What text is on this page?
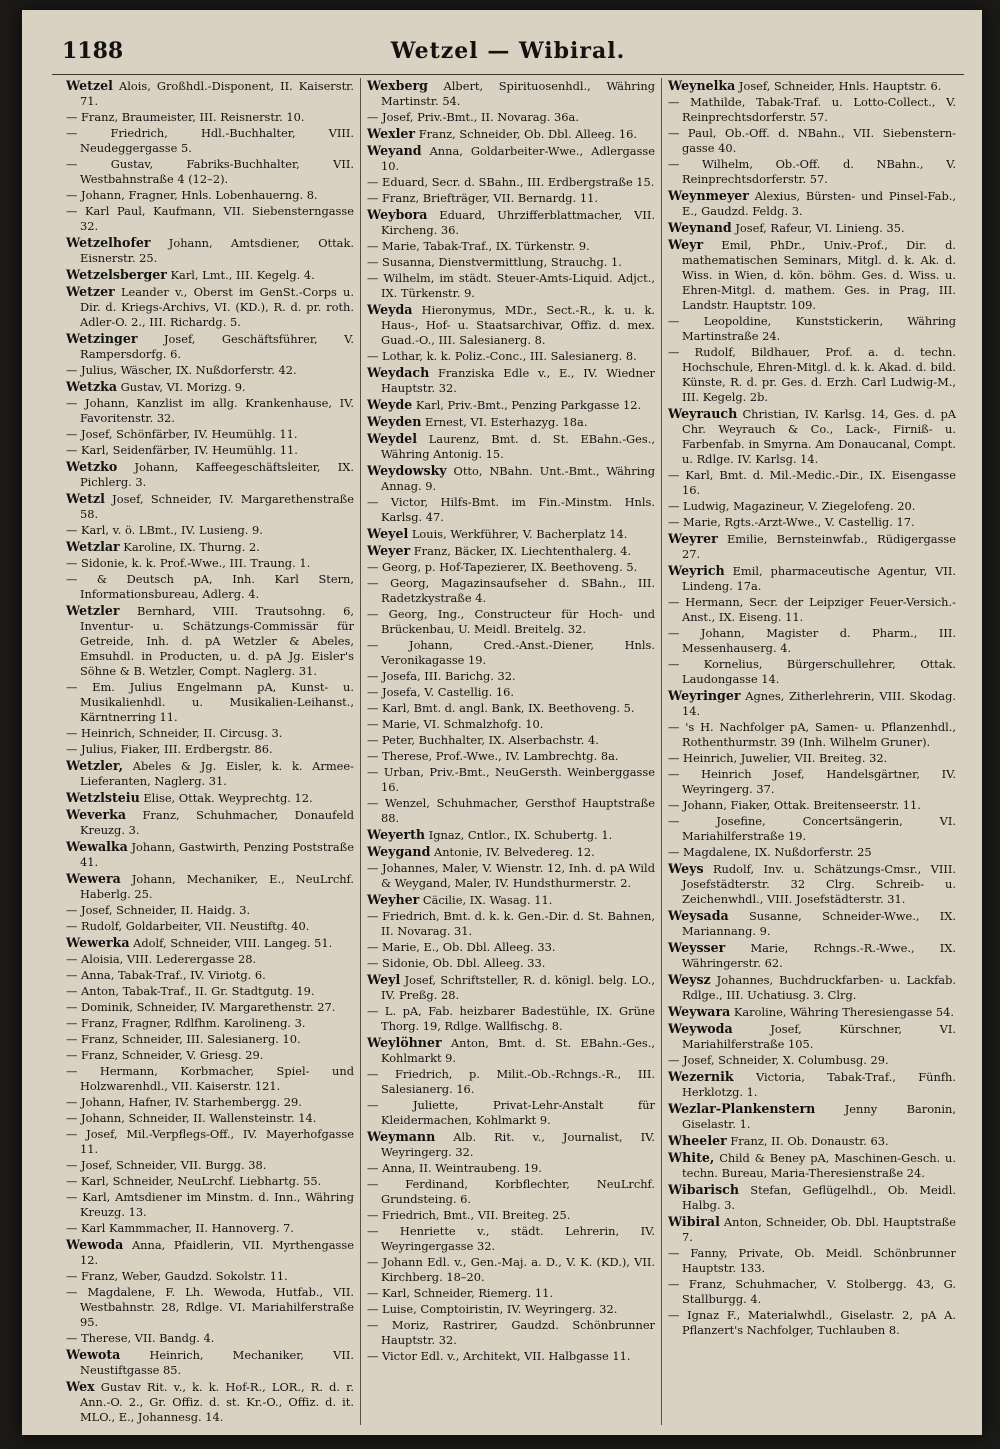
1188	Wetzel — Wibiral.

Wetzel Alois, Großhdl.-Disponent, II. Kaiserstr. 71.

— Franz, Braumeister, III. Reisnerstr. 10.

— Friedrich, Hdl.-Buchhalter, VIII. Neudeggergasse 5.

— Gustav, Fabriks-Buchhalter, VII. Westbahnstraße 4 (12–2).

— Johann, Fragner, Hnls. Lobenhauerng. 8.

— Karl Paul, Kaufmann, VII. Siebensterngasse 32.

Wetzelhofer Johann, Amtsdiener, Ottak. Eisnerstr. 25.

Wetzelsberger Karl, Lmt., III. Kegelg. 4.

Wetzer Leander v., Oberst im GenSt.-Corps u. Dir. d. Kriegs-Archivs, VI. (KD.), R. d. pr. roth. Adler-O. 2., III. Richardg. 5.

Wetzinger Josef, Geschäftsführer, V. Rampersdorfg. 6.

— Julius, Wäscher, IX. Nußdorferstr. 42.

Wetzka Gustav, VI. Morizg. 9.

— Johann, Kanzlist im allg. Krankenhause, IV. Favoritenstr. 32.

— Josef, Schönfärber, IV. Heumühlg. 11.

— Karl, Seidenfärber, IV. Heumühlg. 11.

Wetzko Johann, Kaffeegeschäftsleiter, IX. Pichlerg. 3.

Wetzl Josef, Schneider, IV. Margarethenstraße 58.

— Karl, v. ö. LBmt., IV. Lusieng. 9.

Wetzlar Karoline, IX. Thurng. 2.

— Sidonie, k. k. Prof.-Wwe., III. Traung. 1.

— & Deutsch pA, Inh. Karl Stern, Informationsbureau, Adlerg. 4.

Wetzler Bernhard, VIII. Trautsohng. 6, Inventur- u. Schätzungs-Commissär für Getreide, Inh. d. pA Wetzler & Abeles, Emsuhdl. in Producten, u. d. pA Jg. Eisler's Söhne & B. Wetzler, Compt. Naglerg. 31.

— Em. Julius Engelmann pA, Kunst- u. Musikalienhdl. u. Musikalien-Leihanst., Kärntnerring 11.

— Heinrich, Schneider, II. Circusg. 3.

— Julius, Fiaker, III. Erdbergstr. 86.

Wetzler, Abeles & Jg. Eisler, k. k. Armee-Lieferanten, Naglerg. 31.

Wetzlsteiu Elise, Ottak. Weyprechtg. 12.

Weverka Franz, Schuhmacher, Donaufeld Kreuzg. 3.

Wewalka Johann, Gastwirth, Penzing Poststraße 41.

Wewera Johann, Mechaniker, E., NeuLrchf. Haberlg. 25.

— Josef, Schneider, II. Haidg. 3.

— Rudolf, Goldarbeiter, VII. Neustiftg. 40.

Wewerka Adolf, Schneider, VIII. Langeg. 51.

— Aloisia, VIII. Lederergasse 28.

— Anna, Tabak-Traf., IV. Viriotg. 6.

— Anton, Tabak-Traf., II. Gr. Stadtgutg. 19.

— Dominik, Schneider, IV. Margarethenstr. 27.

— Franz, Fragner, Rdlfhm. Karolineng. 3.

— Franz, Schneider, III. Salesianerg. 10.

— Franz, Schneider, V. Griesg. 29.

— Hermann, Korbmacher, Spiel- und Holzwarenhdl., VII. Kaiserstr. 121.

— Johann, Hafner, IV. Starhembergg. 29.

— Johann, Schneider, II. Wallensteinstr. 14.

— Josef, Mil.-Verpflegs-Off., IV. Mayerhofgasse 11.

— Josef, Schneider, VII. Burgg. 38.

— Karl, Schneider, NeuLrchf. Liebhartg. 55.

— Karl, Amtsdiener im Minstm. d. Inn., Währing Kreuzg. 13.

— Karl Kammmacher, II. Hannoverg. 7.

Wewoda Anna, Pfaidlerin, VII. Myrthengasse 12.

— Franz, Weber, Gaudzd. Sokolstr. 11.

— Magdalene, F. Lh. Wewoda, Hutfab., VII. Westbahnstr. 28, Rdlge. VI. Mariahilferstraße 95.

— Therese, VII. Bandg. 4.

Wewota Heinrich, Mechaniker, VII. Neustiftgasse 85.

Wex Gustav Rit. v., k. k. Hof-R., LOR., R. d. r. Ann.-O. 2., Gr. Offiz. d. st. Kr.-O., Offiz. d. it. MLO., E., Johannesg. 14.

Wexberg Albert, Spirituosenhdl., Währing Martinstr. 54.

— Josef, Priv.-Bmt., II. Novarag. 36a.

Wexler Franz, Schneider, Ob. Dbl. Alleeg. 16.

Weyand Anna, Goldarbeiter-Wwe., Adlergasse 10.

— Eduard, Secr. d. SBahn., III. Erdbergstraße 15.

— Franz, Briefträger, VII. Bernardg. 11.

Weybora Eduard, Uhrzifferblattmacher, VII. Kircheng. 36.

— Marie, Tabak-Traf., IX. Türkenstr. 9.

— Susanna, Dienstvermittlung, Strauchg. 1.

— Wilhelm, im städt. Steuer-Amts-Liquid. Adjct., IX. Türkenstr. 9.

Weyda Hieronymus, MDr., Sect.-R., k. u. k. Haus-, Hof- u. Staatsarchivar, Offiz. d. mex. Guad.-O., III. Salesianerg. 8.

— Lothar, k. k. Poliz.-Conc., III. Salesianerg. 8.

Weydach Franziska Edle v., E., IV. Wiedner Hauptstr. 32.

Weyde Karl, Priv.-Bmt., Penzing Parkgasse 12.

Weyden Ernest, VI. Esterhazyg. 18a.

Weydel Laurenz, Bmt. d. St. EBahn.-Ges., Währing Antonig. 15.

Weydowsky Otto, NBahn. Unt.-Bmt., Währing Annag. 9.

— Victor, Hilfs-Bmt. im Fin.-Minstm. Hnls. Karlsg. 47.

Weyel Louis, Werkführer, V. Bacherplatz 14.

Weyer Franz, Bäcker, IX. Liechtenthalerg. 4.

— Georg, p. Hof-Tapezierer, IX. Beethoveng. 5.

— Georg, Magazinsaufseher d. SBahn., III. Radetzkystraße 4.

— Georg, Ing., Constructeur für Hoch- und Brückenbau, U. Meidl. Breitelg. 32.

— Johann, Cred.-Anst.-Diener, Hnls. Veronikagasse 19.

— Josefa, III. Barichg. 32.

— Josefa, V. Castellig. 16.

— Karl, Bmt. d. angl. Bank, IX. Beethoveng. 5.

— Marie, VI. Schmalzhofg. 10.

— Peter, Buchhalter, IX. Alserbachstr. 4.

— Therese, Prof.-Wwe., IV. Lambrechtg. 8a.

— Urban, Priv.-Bmt., NeuGersth. Weinberggasse 16.

— Wenzel, Schuhmacher, Gersthof Hauptstraße 88.

Weyerth Ignaz, Cntlor., IX. Schubertg. 1.

Weygand Antonie, IV. Belvedereg. 12.

— Johannes, Maler, V. Wienstr. 12, Inh. d. pA Wild & Weygand, Maler, IV. Hundsthurmerstr. 2.

Weyher Cäcilie, IX. Wasag. 11.

— Friedrich, Bmt. d. k. k. Gen.-Dir. d. St. Bahnen, II. Novarag. 31.

— Marie, E., Ob. Dbl. Alleeg. 33.

— Sidonie, Ob. Dbl. Alleeg. 33.

Weyl Josef, Schriftsteller, R. d. königl. belg. LO., IV. Preßg. 28.

— L. pA, Fab. heizbarer Badestühle, IX. Grüne Thorg. 19, Rdlge. Wallfischg. 8.

Weylöhner Anton, Bmt. d. St. EBahn.-Ges., Kohlmarkt 9.

— Friedrich, p. Milit.-Ob.-Rchngs.-R., III. Salesianerg. 16.

— Juliette, Privat-Lehr-Anstalt für Kleidermachen, Kohlmarkt 9.

Weymann Alb. Rit. v., Journalist, IV. Weyringerg. 32.

— Anna, II. Weintraubeng. 19.

— Ferdinand, Korbflechter, NeuLrchf. Grundsteing. 6.

— Friedrich, Bmt., VII. Breiteg. 25.

— Henriette v., städt. Lehrerin, IV. Weyringergasse 32.

— Johann Edl. v., Gen.-Maj. a. D., V. K. (KD.), VII. Kirchberg. 18–20.

— Karl, Schneider, Riemerg. 11.

— Luise, Comptoiristin, IV. Weyringerg. 32.

— Moriz, Rastrirer, Gaudzd. Schönbrunner Hauptstr. 32.

— Victor Edl. v., Architekt, VII. Halbgasse 11.

Weynelka Josef, Schneider, Hnls. Hauptstr. 6.

— Mathilde, Tabak-Traf. u. Lotto-Collect., V. Reinprechtsdorferstr. 57.

— Paul, Ob.-Off. d. NBahn., VII. Siebenstern-gasse 40.

— Wilhelm, Ob.-Off. d. NBahn., V. Reinprechtsdorferstr. 57.

Weynmeyer Alexius, Bürsten- und Pinsel-Fab., E., Gaudzd. Feldg. 3.

Weynand Josef, Rafeur, VI. Linieng. 35.

Weyr Emil, PhDr., Univ.-Prof., Dir. d. mathematischen Seminars, Mitgl. d. k. Ak. d. Wiss. in Wien, d. kön. böhm. Ges. d. Wiss. u. Ehren-Mitgl. d. mathem. Ges. in Prag, III. Landstr. Hauptstr. 109.

— Leopoldine, Kunststickerin, Währing Martinstraße 24.

— Rudolf, Bildhauer, Prof. a. d. techn. Hochschule, Ehren-Mitgl. d. k. k. Akad. d. bild. Künste, R. d. pr. Ges. d. Erzh. Carl Ludwig-M., III. Kegelg. 2b.

Weyrauch Christian, IV. Karlsg. 14, Ges. d. pA Chr. Weyrauch & Co., Lack-, Firniß- u. Farbenfab. in Smyrna. Am Donaucanal, Compt. u. Rdlge. IV. Karlsg. 14.

— Karl, Bmt. d. Mil.-Medic.-Dir., IX. Eisengasse 16.

— Ludwig, Magazineur, V. Ziegelofeng. 20.

— Marie, Rgts.-Arzt-Wwe., V. Castellig. 17.

Weyrer Emilie, Bernsteinwfab., Rüdigergasse 27.

Weyrich Emil, pharmaceutische Agentur, VII. Lindeng. 17a.

— Hermann, Secr. der Leipziger Feuer-Versich.-Anst., IX. Eiseng. 11.

— Johann, Magister d. Pharm., III. Messenhauserg. 4.

— Kornelius, Bürgerschullehrer, Ottak. Laudongasse 14.

Weyringer Agnes, Zitherlehrerin, VIII. Skodag. 14.

— 's H. Nachfolger pA, Samen- u. Pflanzenhdl., Rothenthurmstr. 39 (Inh. Wilhelm Gruner).

— Heinrich, Juwelier, VII. Breiteg. 32.

— Heinrich Josef, Handelsgärtner, IV. Weyringerg. 37.

— Johann, Fiaker, Ottak. Breitenseerstr. 11.

— Josefine, Concertsängerin, VI. Mariahilferstraße 19.

— Magdalene, IX. Nußdorferstr. 25

Weys Rudolf, Inv. u. Schätzungs-Cmsr., VIII. Josefstädterstr. 32 Clrg. Schreib- u. Zeichenwhdl., VIII. Josefstädterstr. 31.

Weysada Susanne, Schneider-Wwe., IX. Mariannang. 9.

Weysser Marie, Rchngs.-R.-Wwe., IX. Währingerstr. 62.

Weysz Johannes, Buchdruckfarben- u. Lackfab. Rdlge., III. Uchatiusg. 3. Clrg.

Weywara Karoline, Währing Theresiengasse 54.

Weywoda Josef, Kürschner, VI. Mariahilferstraße 105.

— Josef, Schneider, X. Columbusg. 29.

Wezernik Victoria, Tabak-Traf., Fünfh. Herklotzg. 1.

Wezlar-Plankenstern Jenny Baronin, Giselastr. 1.

Wheeler Franz, II. Ob. Donaustr. 63.

White, Child & Beney pA, Maschinen-Gesch. u. techn. Bureau, Maria-Theresienstraße 24.

Wibarisch Stefan, Geflügelhdl., Ob. Meidl. Halbg. 3.

Wibiral Anton, Schneider, Ob. Dbl. Hauptstraße 7.

— Fanny, Private, Ob. Meidl. Schönbrunner Hauptstr. 133.

— Franz, Schuhmacher, V. Stolbergg. 43, G. Stallburgg. 4.

— Ignaz F., Materialwhdl., Giselastr. 2, pA A. Pflanzert's Nachfolger, Tuchlauben 8.
